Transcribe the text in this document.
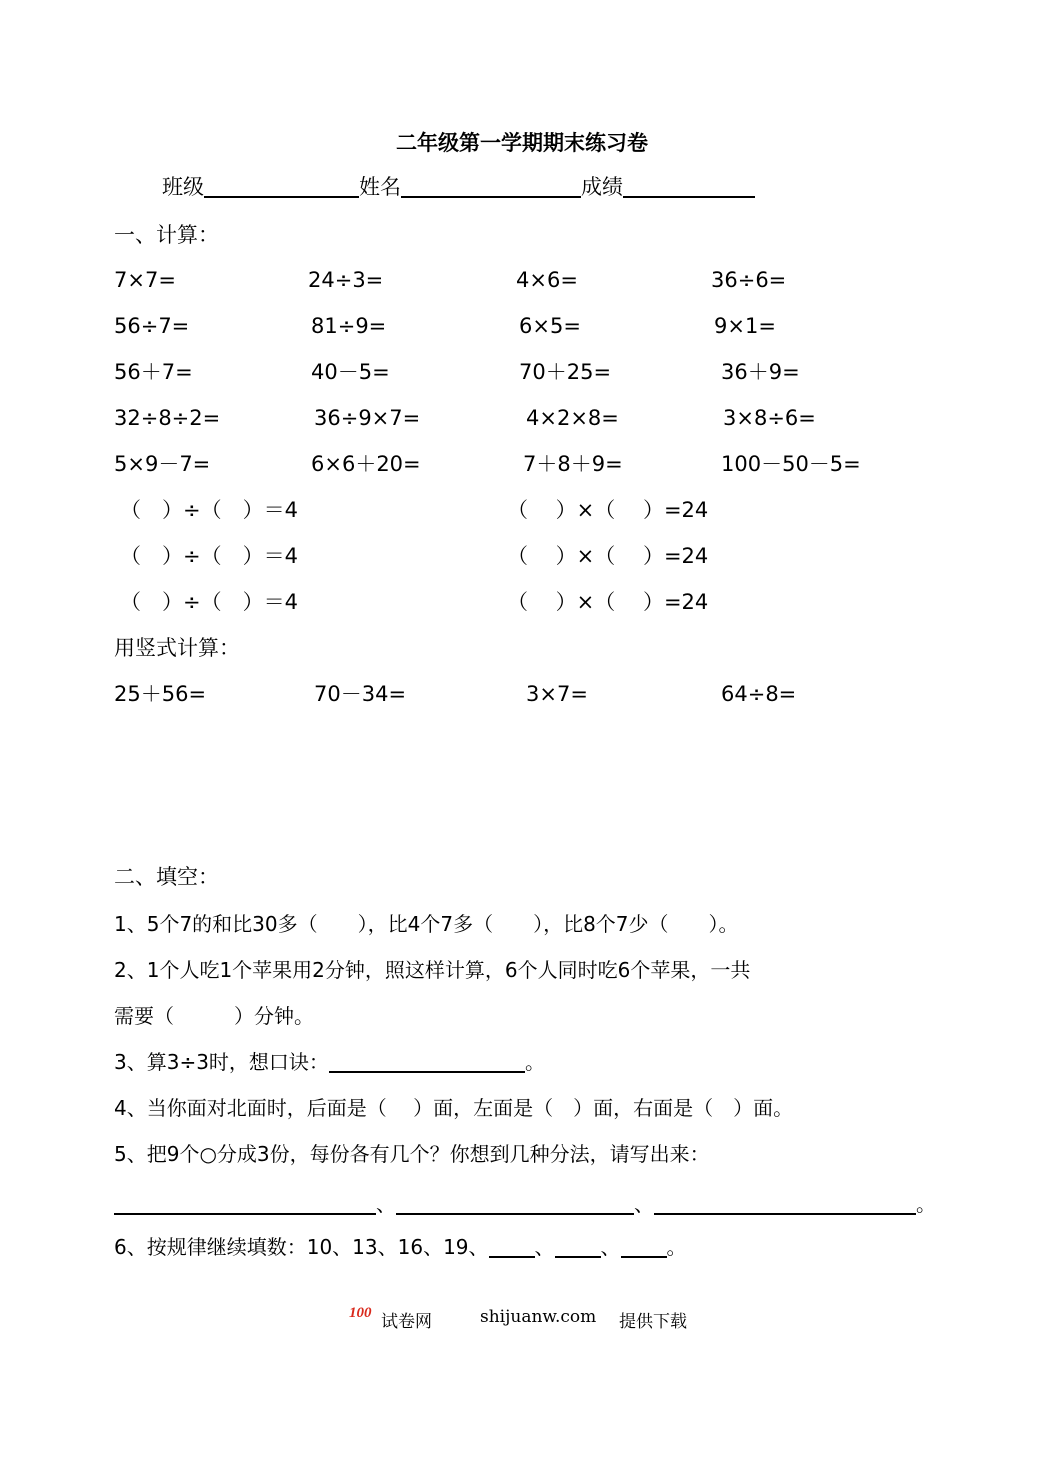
二年级第一学期期末练习卷
班级	姓名	成绩
一、计算：
7×7=	24÷3=	4×6=	36÷6=
56÷7=	81÷9=	6×5=	9×1=
56＋7=	40－5=	70＋25=	36＋9=
32÷8÷2=	36÷9×7=	4×2×8=	3×8÷6=
5×9－7=	6×6＋20=	7＋8＋9=	100－50－5=
（　）÷（　）＝4	（　 ）×（　 ）=24
（　）÷（　）＝4	（　 ）×（　 ）=24
（　）÷（　）＝4	（　 ）×（　 ）=24
用竖式计算：
25＋56=	70－34=	3×7=	64÷8=
二、填空：
1、5个7的和比30多（　　），比4个7多（　　），比8个7少（　　）。
2、1个人吃1个苹果用2分钟，照这样计算，6个人同时吃6个苹果，一共
需要（　　　）分钟。
3、算3÷3时，想口诀：	。
4、当你面对北面时，后面是（　 ）面，左面是（　）面，右面是（　）面。
5、把9个○分成3份，每份各有几个？你想到几种分法，请写出来：
、	、	。
6、按规律继续填数：10、13、16、19、 、 、 。
100 试卷网	shijuanw.com 提供下载
